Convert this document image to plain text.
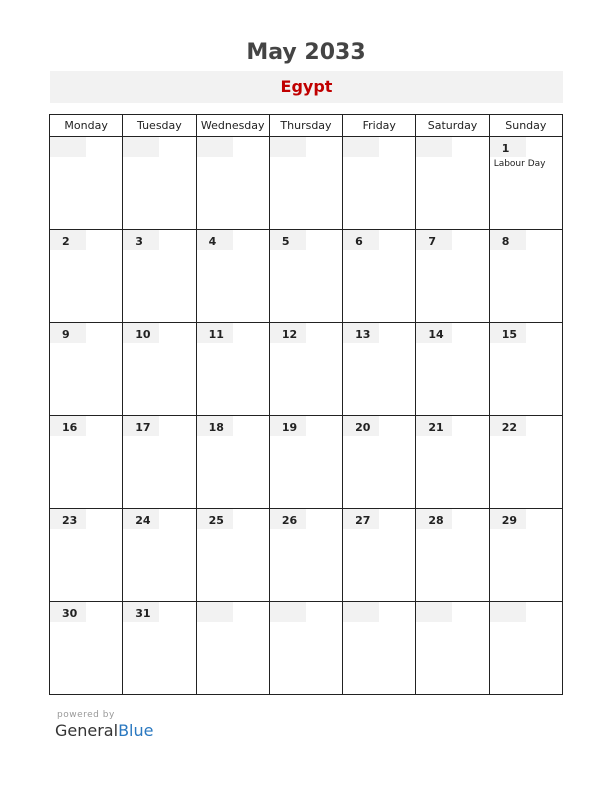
May 2033
Egypt
Monday	Tuesday	Wednesday	Thursday	Friday	Saturday	Sunday

						1
Labour Day

2	3	4	5	6	7	8

9	10	11	12	13	14	15

16	17	18	19	20	21	22

23	24	25	26	27	28	29

30	31					

powered by
GeneralBlue
